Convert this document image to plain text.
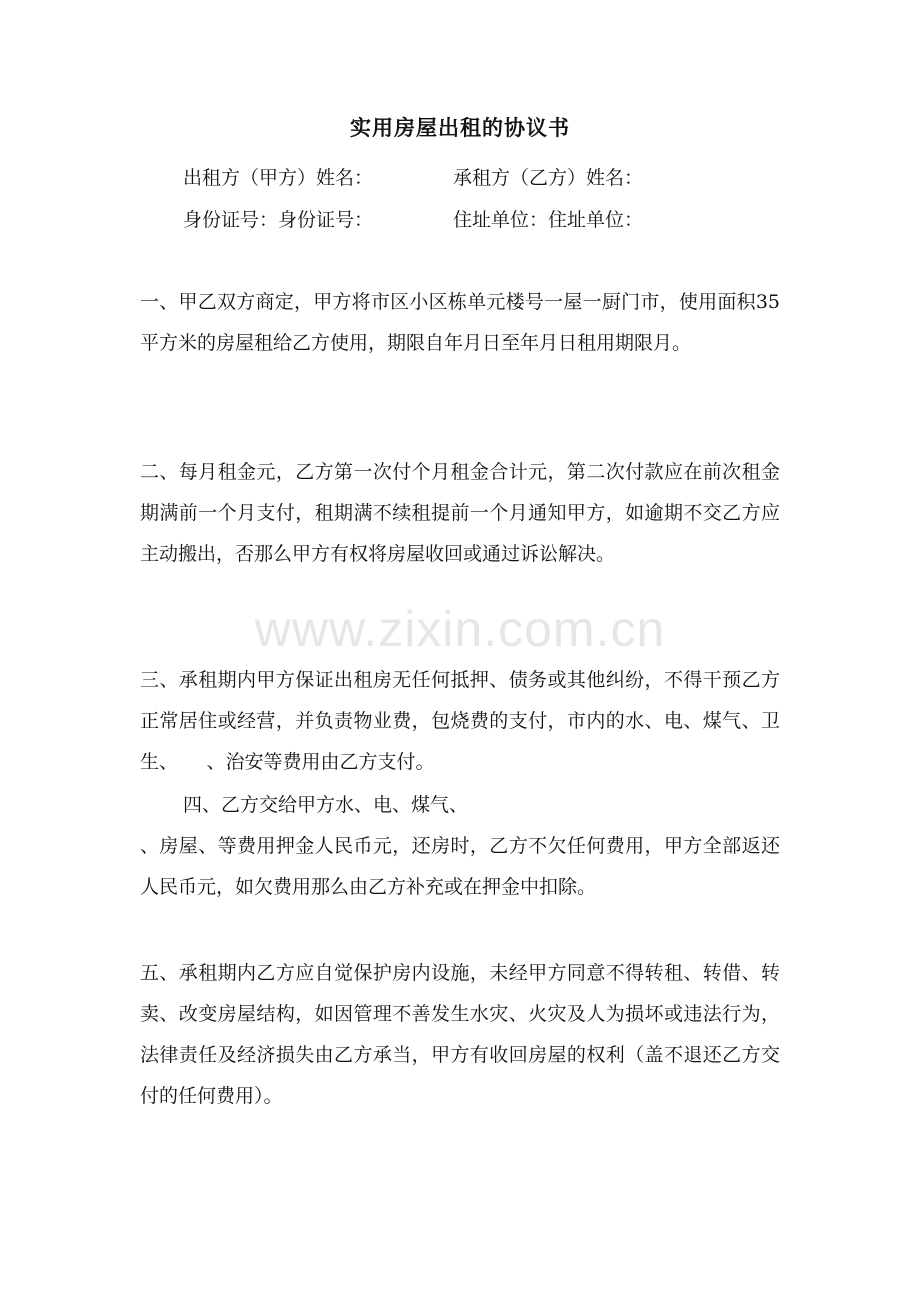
实用房屋出租的协议书
出租方（甲方）姓名：	承租方（乙方）姓名：
身份证号：身份证号：	住址单位：住址单位：

一、甲乙双方商定，甲方将市区小区栋单元楼号一屋一厨门市，使用面积35平方米的房屋租给乙方使用，期限自年月日至年月日租用期限月。

二、每月租金元，乙方第一次付个月租金合计元，第二次付款应在前次租金期满前一个月支付，租期满不续租提前一个月通知甲方，如逾期不交乙方应主动搬出，否那么甲方有权将房屋收回或通过诉讼解决。

www.zixin.com.cn

三、承租期内甲方保证出租房无任何抵押、债务或其他纠纷，不得干预乙方正常居住或经营，并负责物业费，包烧费的支付，市内的水、电、煤气、卫生、　　、治安等费用由乙方支付。

四、乙方交给甲方水、电、煤气、

、房屋、等费用押金人民币元，还房时，乙方不欠任何费用，甲方全部返还人民币元，如欠费用那么由乙方补充或在押金中扣除。

五、承租期内乙方应自觉保护房内设施，未经甲方同意不得转租、转借、转卖、改变房屋结构，如因管理不善发生水灾、火灾及人为损坏或违法行为，法律责任及经济损失由乙方承当，甲方有收回房屋的权利（盖不退还乙方交付的任何费用）。
